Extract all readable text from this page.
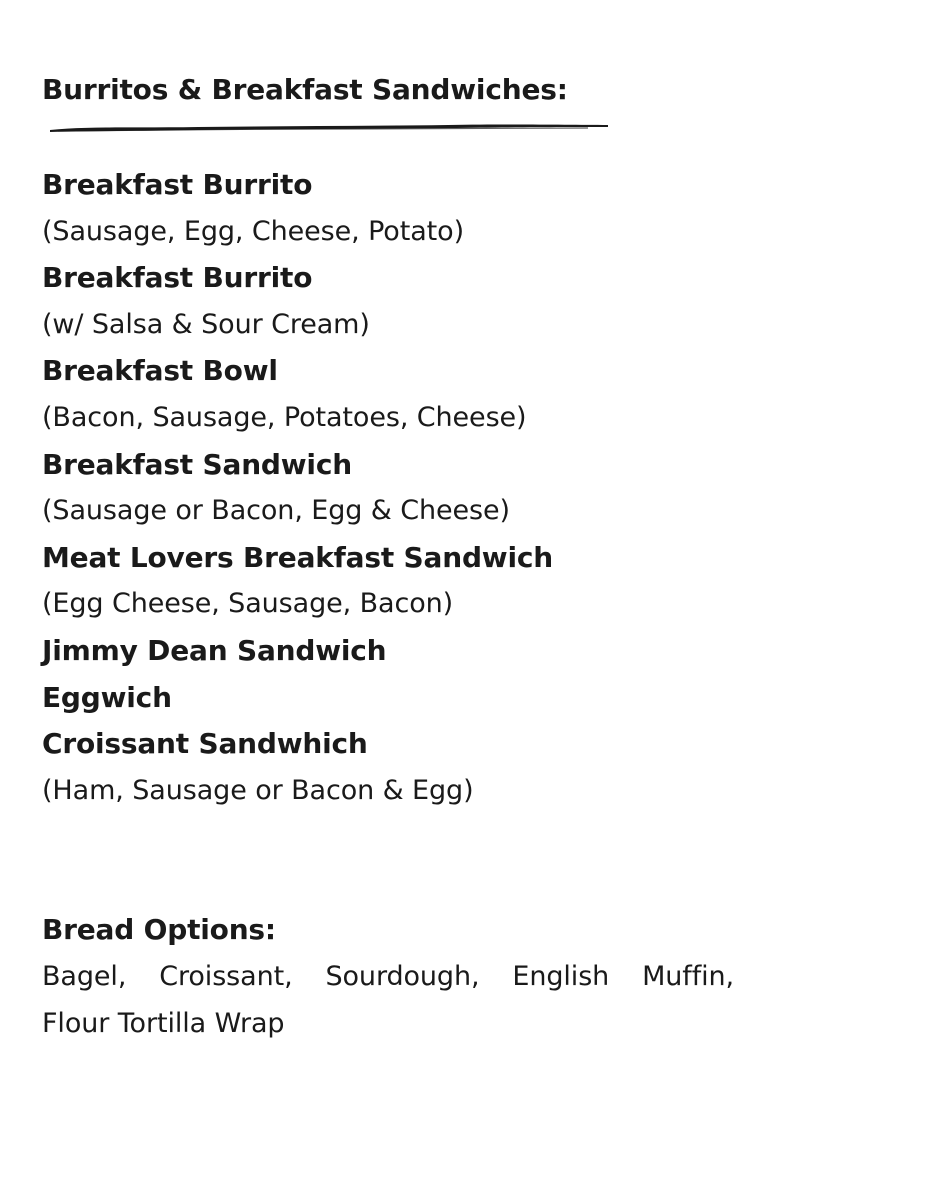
Burritos & Breakfast Sandwiches:
Breakfast Burrito
(Sausage, Egg, Cheese, Potato)
Breakfast Burrito
(w/ Salsa & Sour Cream)
Breakfast Bowl
(Bacon, Sausage, Potatoes, Cheese)
Breakfast Sandwich
(Sausage or Bacon, Egg & Cheese)
Meat Lovers Breakfast Sandwich
(Egg Cheese, Sausage, Bacon)
Jimmy Dean Sandwich
Eggwich
Croissant Sandwhich
(Ham, Sausage or Bacon & Egg)
Bread Options:
Bagel, Croissant, Sourdough, English Muffin,
Flour Tortilla Wrap
